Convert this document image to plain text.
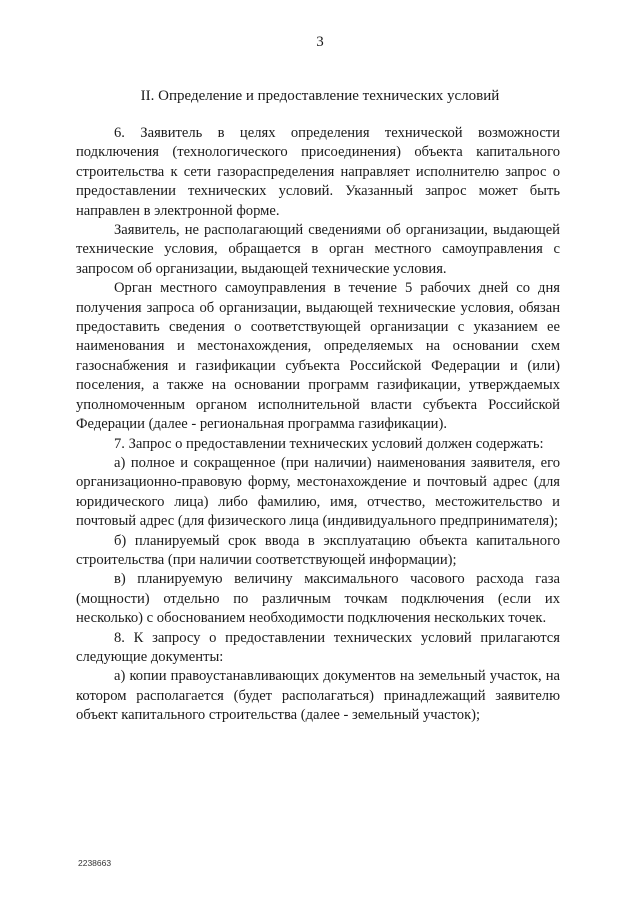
3
II. Определение и предоставление технических условий

6. Заявитель в целях определения технической возможности подключения (технологического присоединения) объекта капитального строительства к сети газораспределения направляет исполнителю запрос о предоставлении технических условий. Указанный запрос может быть направлен в электронной форме.

Заявитель, не располагающий сведениями об организации, выдающей технические условия, обращается в орган местного самоуправления с запросом об организации, выдающей технические условия.

Орган местного самоуправления в течение 5 рабочих дней со дня получения запроса об организации, выдающей технические условия, обязан предоставить сведения о соответствующей организации с указанием ее наименования и местонахождения, определяемых на основании схем газоснабжения и газификации субъекта Российской Федерации и (или) поселения, а также на основании программ газификации, утверждаемых уполномоченным органом исполнительной власти субъекта Российской Федерации (далее - региональная программа газификации).

7. Запрос о предоставлении технических условий должен содержать:

а) полное и сокращенное (при наличии) наименования заявителя, его организационно-правовую форму, местонахождение и почтовый адрес (для юридического лица) либо фамилию, имя, отчество, местожительство и почтовый адрес (для физического лица (индивидуального предпринимателя);

б) планируемый срок ввода в эксплуатацию объекта капитального строительства (при наличии соответствующей информации);

в) планируемую величину максимального часового расхода газа (мощности) отдельно по различным точкам подключения (если их несколько) с обоснованием необходимости подключения нескольких точек.

8. К запросу о предоставлении технических условий прилагаются следующие документы:

а) копии правоустанавливающих документов на земельный участок, на котором располагается (будет располагаться) принадлежащий заявителю объект капитального строительства (далее - земельный участок);

2238663
